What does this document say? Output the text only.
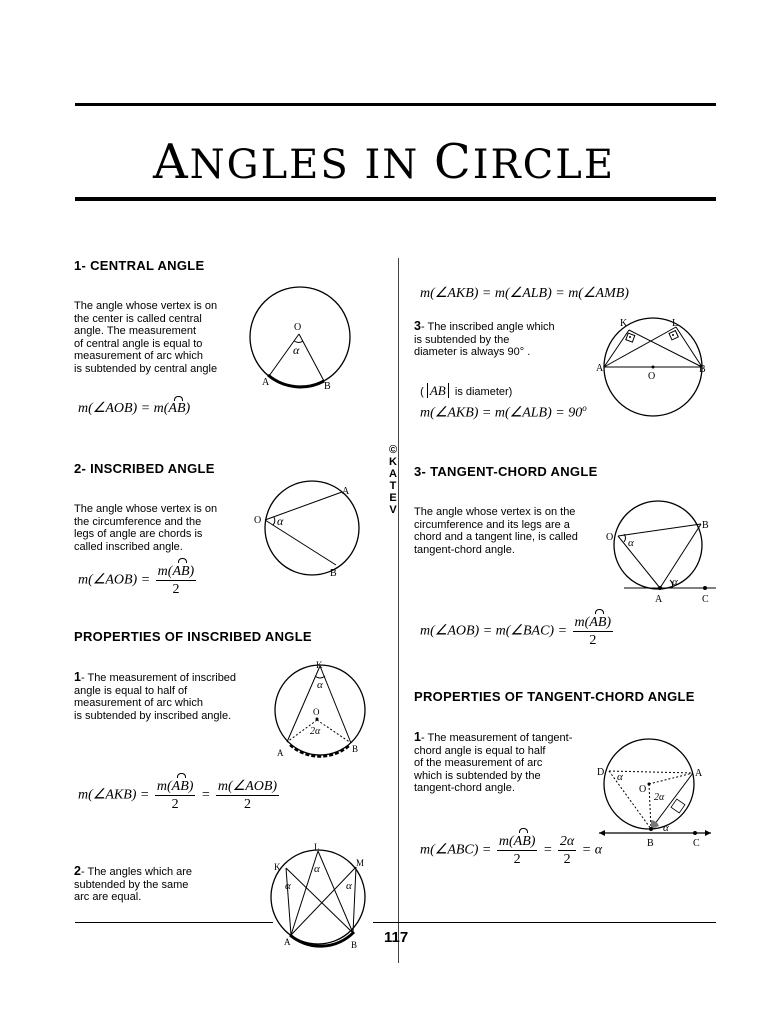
ANGLES IN CIRCLE
©
K
A
T
E
V
1- CENTRAL ANGLE
The angle whose vertex is on
the center is called central
angle. The measurement
of central angle is equal to
measurement of arc which
is subtended by central angle
O
α
A	B
m(∠AOB) = m(AB)
2- INSCRIBED ANGLE
The angle whose vertex is on
the circumference and the
legs of angle are chords is
called inscribed angle.
O α
A
B
m(∠AOB) = $\frac{m(AB)}{2}$
PROPERTIES OF INSCRIBED ANGLE
1- The measurement of inscribed
angle is equal to half of
measurement of arc which
is subtended by inscribed angle.
K
α
O
2α
A	B
m(∠AKB) = $\frac{m(AB)}{2} = \frac{\text{m(∠AOB)}}{2}$
2- The angles which are
subtended by the same
arc are equal.
L
K	M
α
α	α
A	B
m(∠AKB) = m(∠ALB) = m(∠AMB)
3- The inscribed angle which
is subtended by the
diameter is always 90° .

( AB is diameter)

K	L
A
O
B
m(∠AKB) = m(∠ALB) = $90^o$
3- TANGENT-CHORD ANGLE
The angle whose vertex is on the
circumference and its legs are a
chord and a tangent line, is called
tangent-chord angle.
O α
B
α
A	C
m(∠AOB) = m(∠BAC) = $\frac{m(AB)}{2}$
PROPERTIES OF TANGENT-CHORD ANGLE
1- The measurement of tangent-
chord angle is equal to half
of the measurement of arc
which is subtended by the
tangent-chord angle.
D	A
O
α
2α
α
B	C
m(∠ABC) = $\frac{m(AB)}{2} = \frac{2\alpha}{2} = \alpha$
117
